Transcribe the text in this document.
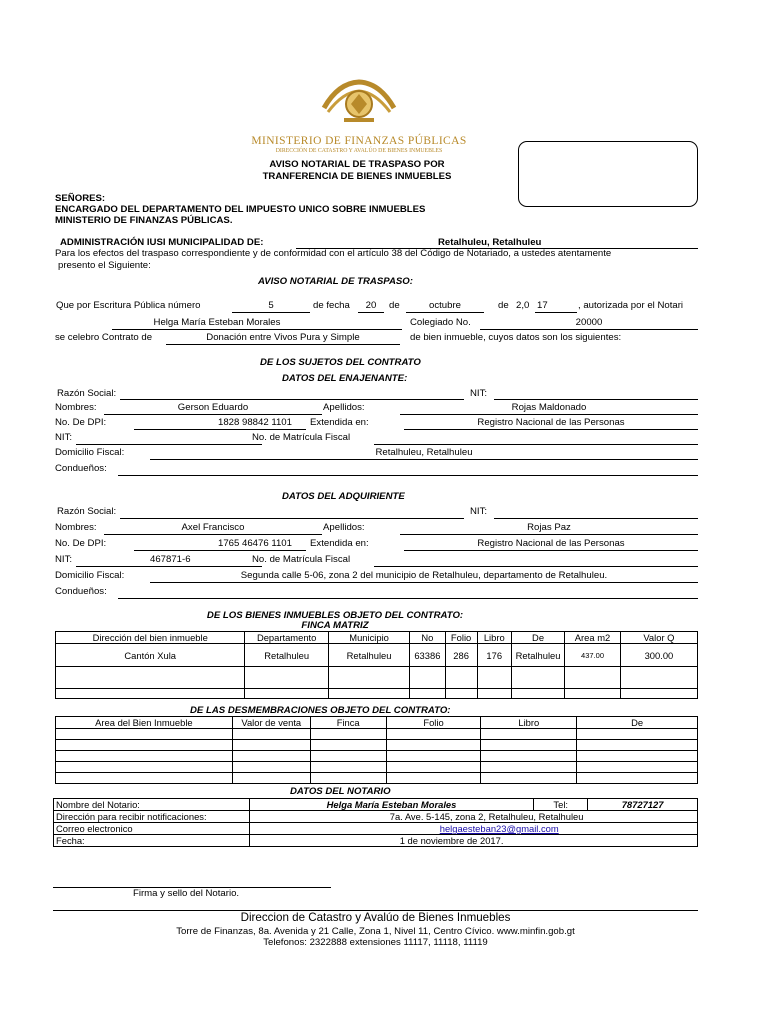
MINISTERIO DE FINANZAS PÚBLICAS
DIRECCIÓN DE CATASTRO Y AVALÚO DE BIENES INMUEBLES
AVISO NOTARIAL DE TRASPASO POR
TRANFERENCIA DE BIENES INMUEBLES
SEÑORES:
ENCARGADO DEL DEPARTAMENTO DEL IMPUESTO UNICO SOBRE INMUEBLES
MINISTERIO DE FINANZAS PÚBLICAS.
ADMINISTRACIÓN IUSI MUNICIPALIDAD DE:	Retalhuleu, Retalhuleu
Para los efectos del traspaso correspondiente y de conformidad con el artículo 38 del Código de Notariado, a ustedes atentamente
presento el Siguiente:
AVISO NOTARIAL DE TRASPASO:
Que por Escritura Pública número	5	de fecha	20	de	octubre	de 2,0 17	, autorizada por el Notari
Helga María Esteban Morales	Colegiado No.	20000
se celebro Contrato de	Donación entre Vivos Pura y Simple	de bien inmueble, cuyos datos son los siguientes:
DE LOS SUJETOS DEL CONTRATO
DATOS DEL ENAJENANTE:
Razón Social:	NIT:
Nombres:	Gerson Eduardo	Apellidos:	Rojas Maldonado
No. De DPI:	1828 98842 1101 Extendida en:	Registro Nacional de las Personas
NIT:	No. de Matrícula Fiscal
Domicilio Fiscal:	Retalhuleu, Retalhuleu
Condueños:
DATOS DEL ADQUIRIENTE
Razón Social:	NIT:
Nombres:	Axel Francisco	Apellidos:	Rojas Paz
No. De DPI:	1765 46476 1101 Extendida en:	Registro Nacional de las Personas
NIT:	467871-6	No. de Matrícula Fiscal
Domicilio Fiscal:	Segunda calle 5-06, zona 2 del municipio de Retalhuleu, departamento de Retalhuleu.
Condueños:
DE LOS BIENES INMUEBLES OBJETO DEL CONTRATO:
FINCA MATRIZ
Dirección del bien inmueble	Departamento	Municipio	No	Folio	Libro	De	Area m2	Valor Q
Cantón Xula	Retalhuleu	Retalhuleu	63386	286	176	Retalhuleu	437.00	300.00

DE LAS DESMEMBRACIONES OBJETO DEL CONTRATO:
Area del Bien Inmueble	Valor de venta	Finca	Folio	Libro	De

DATOS DEL NOTARIO
Nombre del Notario:	Helga María Esteban Morales	Tel:	78727127
Dirección para recibir notificaciones:	7a. Ave. 5-145, zona 2, Retalhuleu, Retalhuleu		
Correo electronico	helgaesteban23@gmail.com		
Fecha:	1 de noviembre de 2017.		
Firma y sello del Notario.
Direccion de Catastro y Avalúo de Bienes Inmuebles
Torre de Finanzas, 8a. Avenida y 21 Calle, Zona 1, Nivel 11, Centro Cívico. www.minfin.gob.gt
Telefonos: 2322888 extensiones 11117, 11118, 11119
